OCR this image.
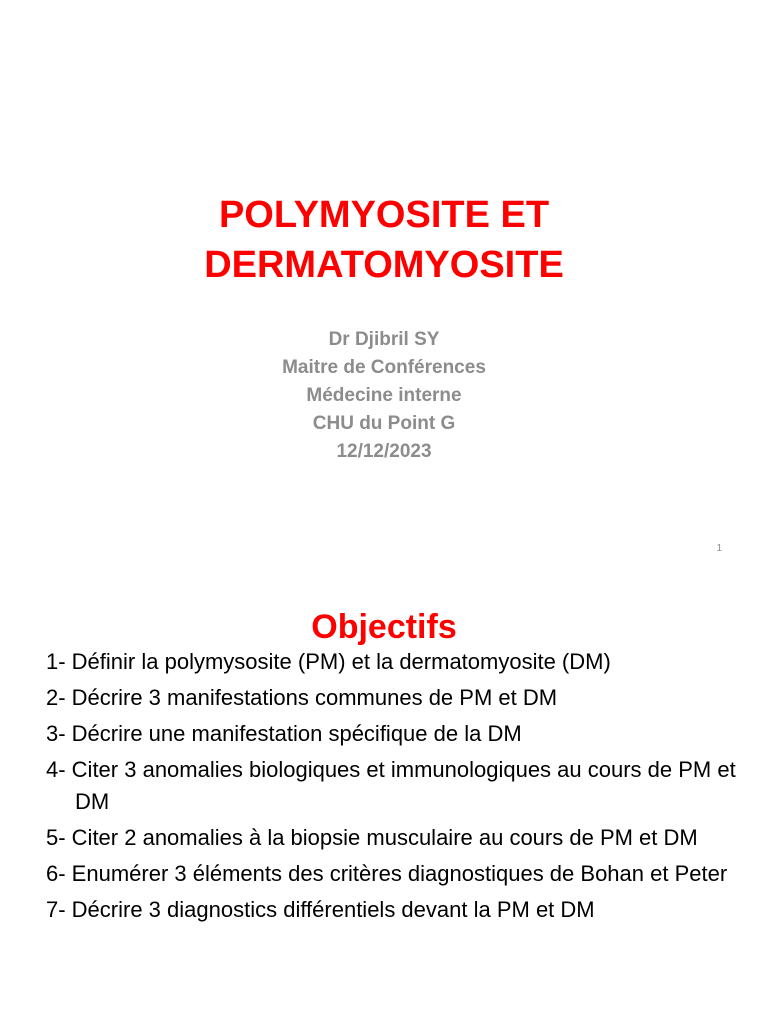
POLYMYOSITE ET
DERMATOMYOSITE
Dr Djibril SY
Maitre de Conférences
Médecine interne
CHU du Point G
12/12/2023
1
Objectifs
1- Définir la polymysosite (PM) et la dermatomyosite (DM)
2- Décrire 3 manifestations communes de PM et DM
3- Décrire une manifestation spécifique de la DM
4- Citer 3 anomalies biologiques et immunologiques au cours de PM et DM
5- Citer 2 anomalies à la biopsie musculaire au cours de PM et DM
6- Enumérer 3 éléments des critères diagnostiques de Bohan et Peter
7- Décrire 3 diagnostics différentiels devant la PM et DM
